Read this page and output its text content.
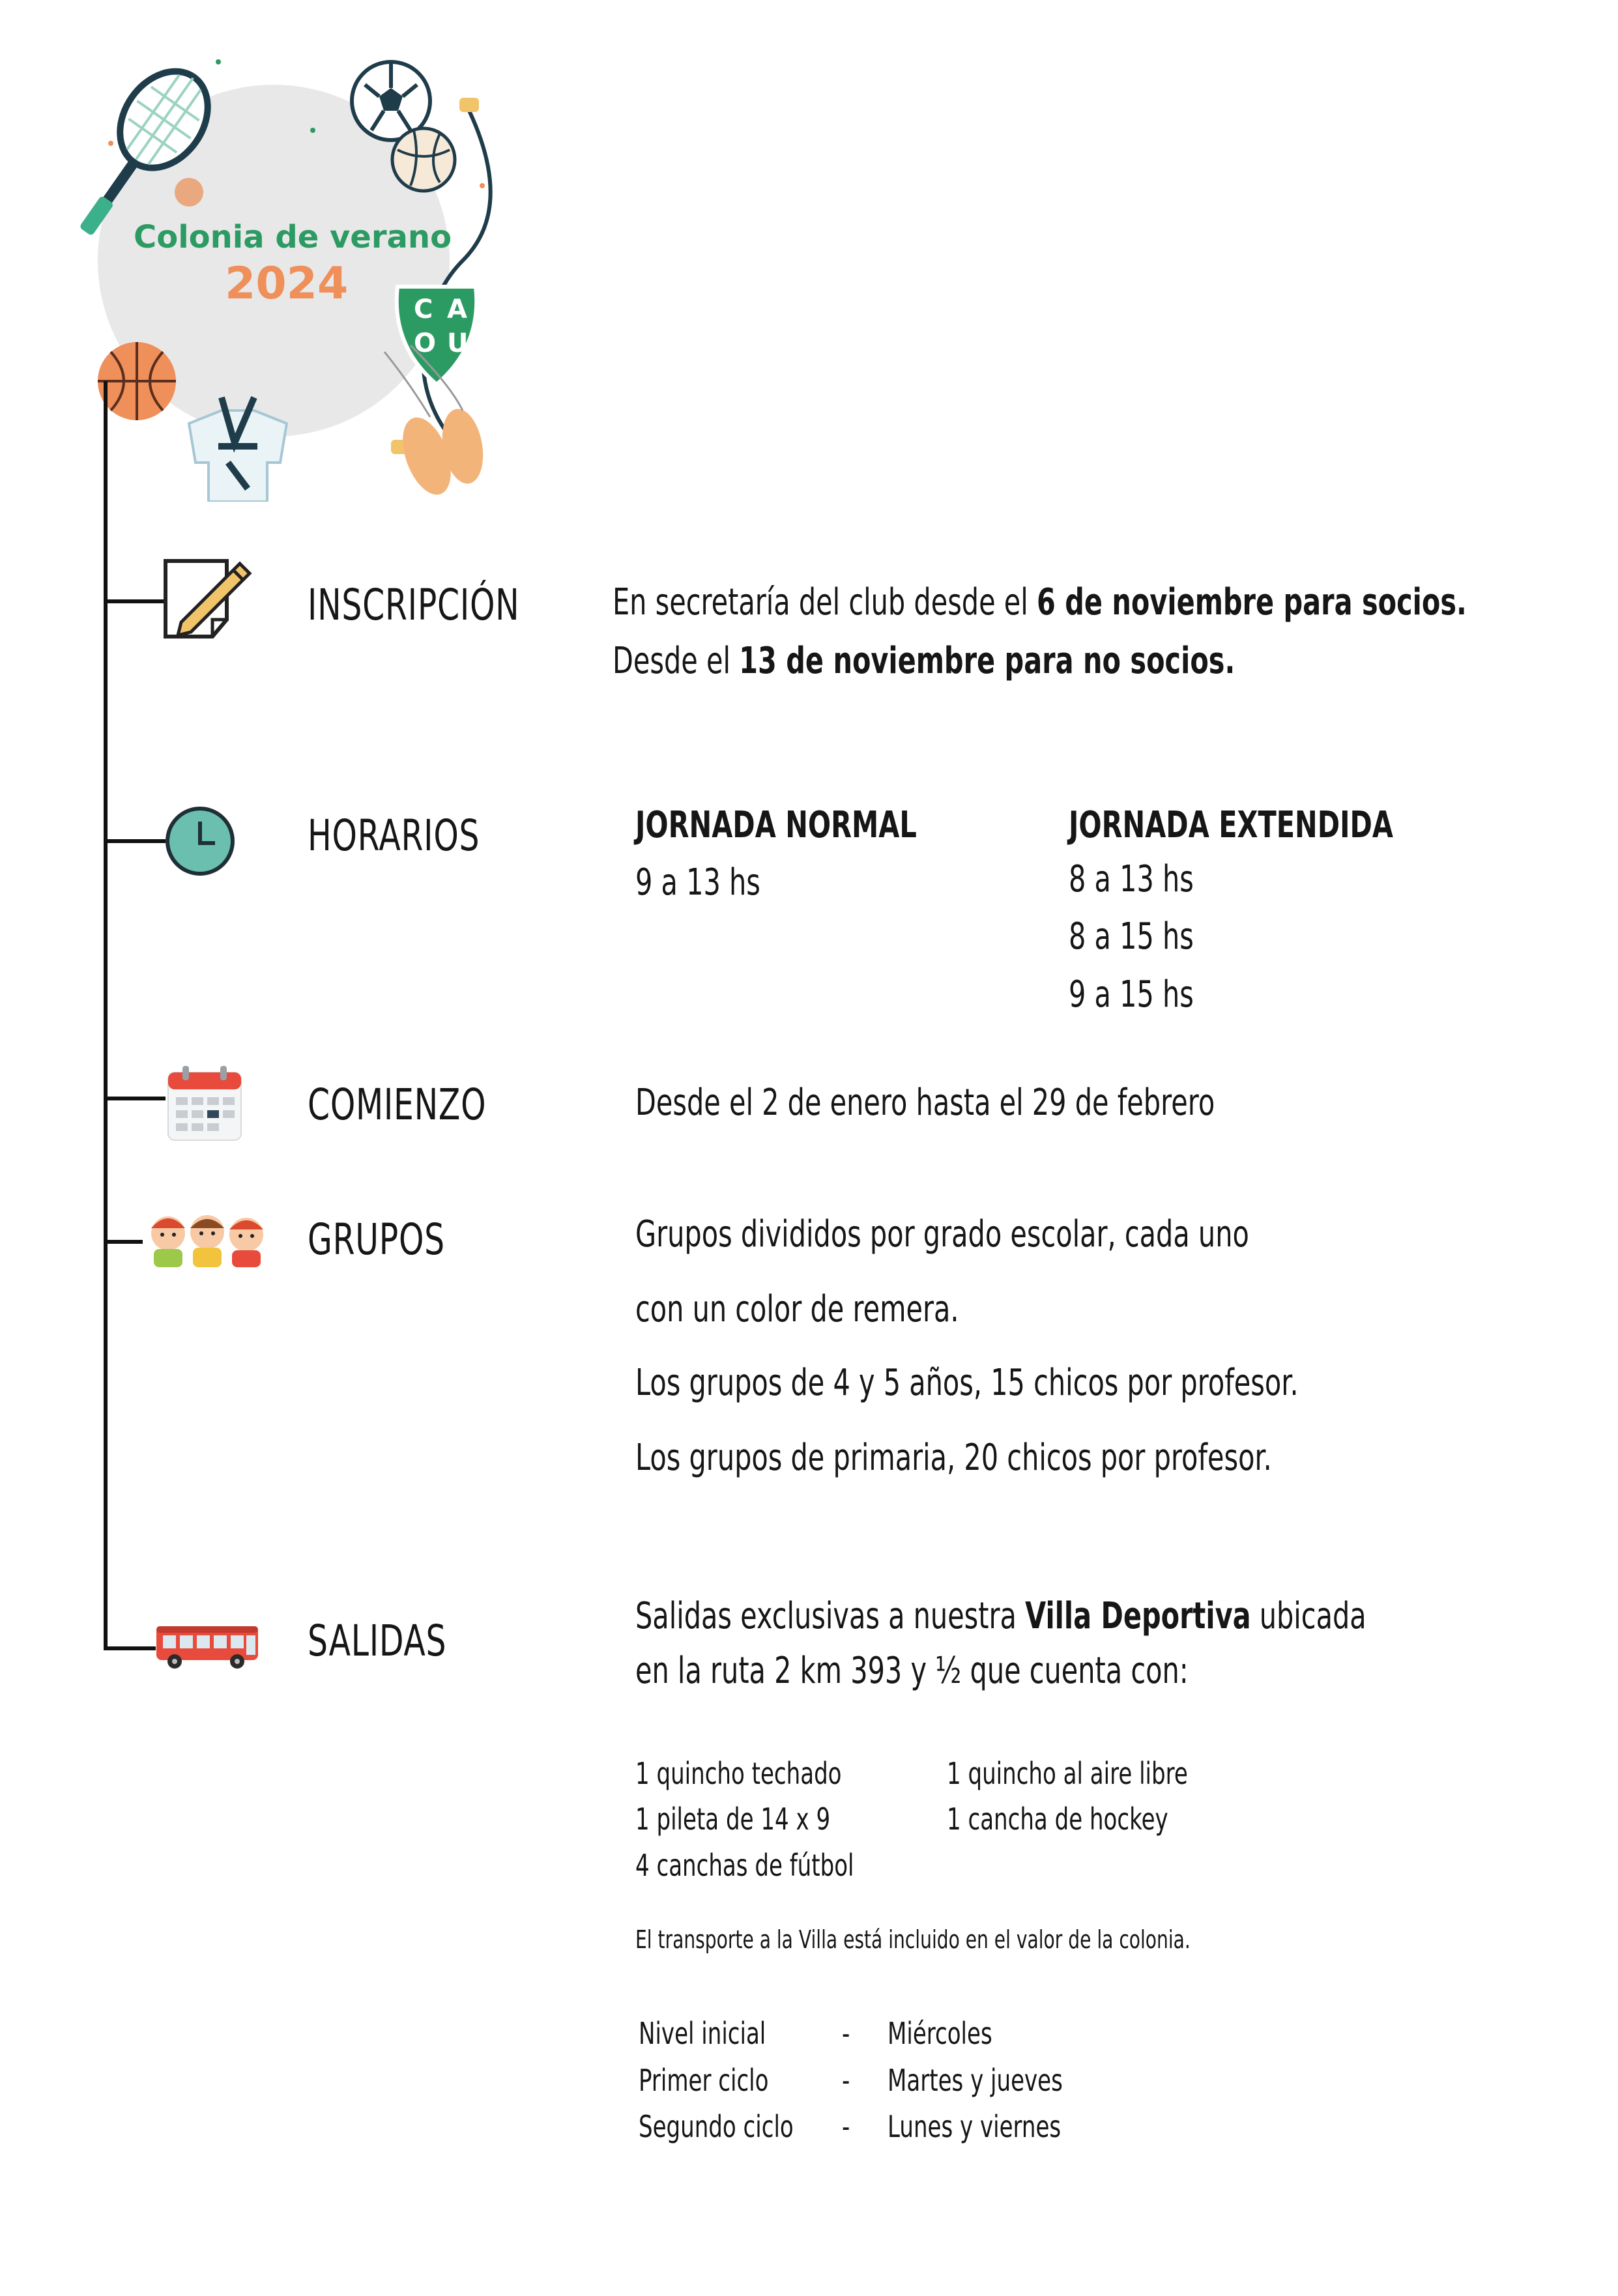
Colonia de verano
2024	C A
O U
INSCRIPCIÓN
HORARIOS
COMIENZO
GRUPOS
SALIDAS
En secretaría del club desde el 6 de noviembre para socios.
Desde el 13 de noviembre para no socios.
JORNADA NORMAL
9 a 13 hs
JORNADA EXTENDIDA
8 a 13 hs
8 a 15 hs
9 a 15 hs
Desde el 2 de enero hasta el 29 de febrero
Grupos divididos por grado escolar, cada uno
con un color de remera.
Los grupos de 4 y 5 años, 15 chicos por profesor.
Los grupos de primaria, 20 chicos por profesor.
Salidas exclusivas a nuestra Villa Deportiva ubicada
en la ruta 2 km 393 y ½ que cuenta con:
1 quincho techado
1 pileta de 14 x 9
4 canchas de fútbol
1 quincho al aire libre
1 cancha de hockey
El transporte a la Villa está incluido en el valor de la colonia.
Nivel inicial	- Miércoles
Primer ciclo - Martes y jueves
Segundo ciclo - Lunes y viernes
